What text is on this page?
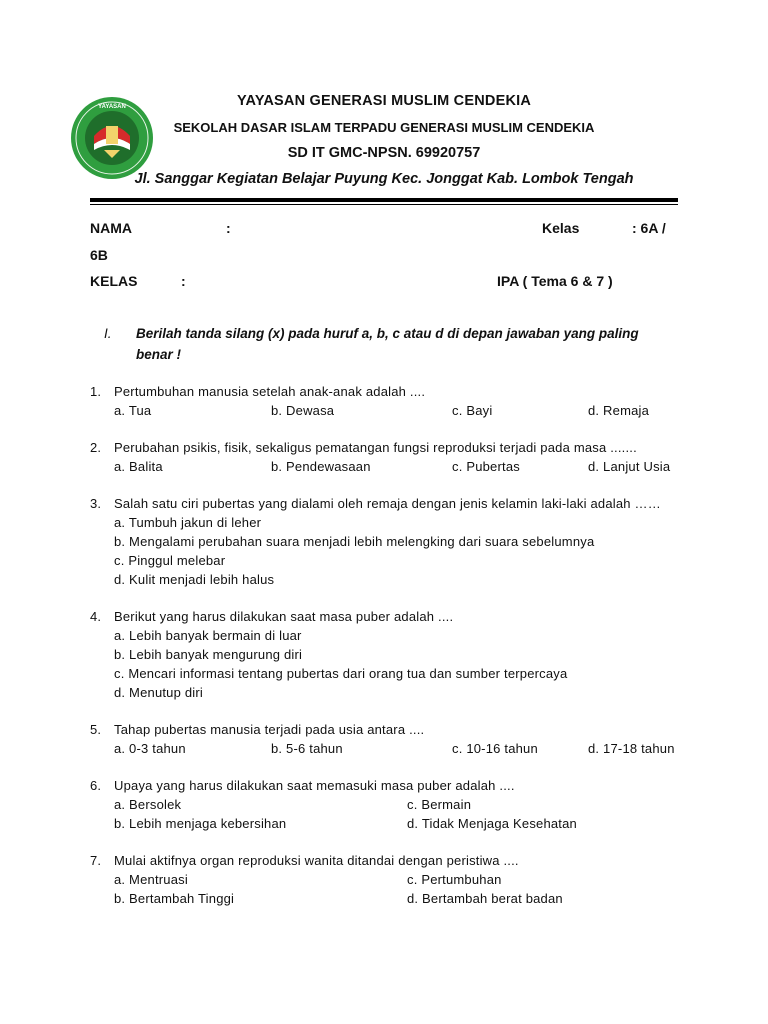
YAYASAN	YAYASAN GENERASI MUSLIM CENDEKIA
SEKOLAH DASAR ISLAM TERPADU GENERASI MUSLIM CENDEKIA
SD IT GMC-NPSN. 69920757
Jl. Sanggar Kegiatan Belajar Puyung Kec. Jonggat Kab. Lombok Tengah
NAMA	:	Kelas	: 6A /
6B
KELAS	:	IPA ( Tema 6 & 7 )
I. Berilah tanda silang (x) pada huruf a, b, c atau d di depan jawaban yang paling benar !
1. Pertumbuhan manusia setelah anak-anak adalah ....
a. Tua	b. Dewasa	c. Bayi	d. Remaja
2. Perubahan psikis, fisik, sekaligus pematangan fungsi reproduksi terjadi pada masa .......
a. Balita	b. Pendewasaan	c. Pubertas	d. Lanjut Usia
3. Salah satu ciri pubertas yang dialami oleh remaja dengan jenis kelamin laki-laki adalah ……
a. Tumbuh jakun di leher
b. Mengalami perubahan suara menjadi lebih melengking dari suara sebelumnya
c. Pinggul melebar
d. Kulit menjadi lebih halus
4. Berikut yang harus dilakukan saat masa puber adalah ....
a. Lebih banyak bermain di luar
b. Lebih banyak mengurung diri
c. Mencari informasi tentang pubertas dari orang tua dan sumber terpercaya
d. Menutup diri
5. Tahap pubertas manusia terjadi pada usia antara ....
a. 0-3 tahun	b. 5-6 tahun	c. 10-16 tahun	d. 17-18 tahun
6. Upaya yang harus dilakukan saat memasuki masa puber adalah ....
a. Bersolek	c. Bermain
b. Lebih menjaga kebersihan	d. Tidak Menjaga Kesehatan
7. Mulai aktifnya organ reproduksi wanita ditandai dengan peristiwa ....
a. Mentruasi	c. Pertumbuhan
b. Bertambah Tinggi	d. Bertambah berat badan
